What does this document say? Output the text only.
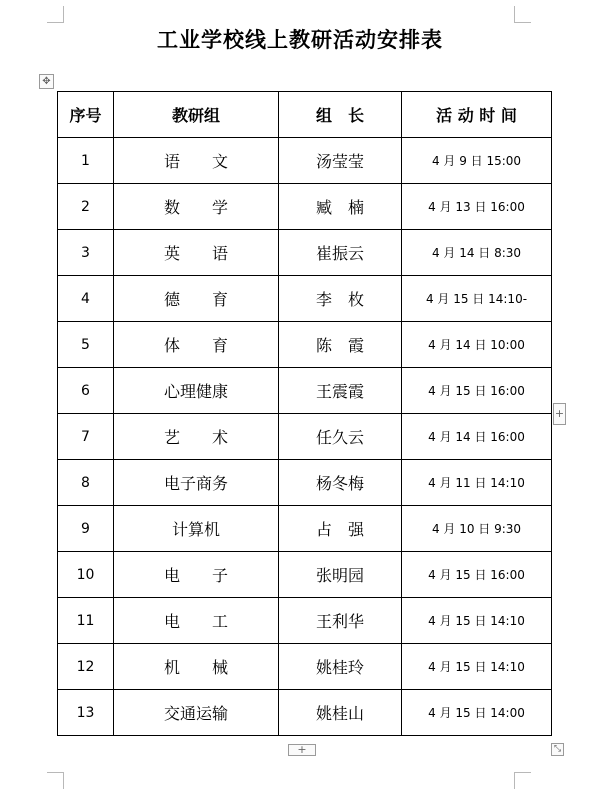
工业学校线上教研活动安排表
✥
序号	教研组	组　长	活 动 时 间
1	语　　文	汤莹莹	4 月 9 日 15:00
2	数　　学	臧　楠	4 月 13 日 16:00
3	英　　语	崔振云	4 月 14 日 8:30
4	德　　育	李　枚	4 月 15 日 14:10-
5	体　　育	陈　霞	4 月 14 日 10:00
6	心理健康	王震霞	4 月 15 日 16:00
7	艺　　术	任久云	4 月 14 日 16:00
8	电子商务	杨冬梅	4 月 11 日 14:10
9	计算机	占　强	4 月 10 日 9:30
10	电　　子	张明园	4 月 15 日 16:00
11	电　　工	王利华	4 月 15 日 14:10
12	机　　械	姚桂玲	4 月 15 日 14:10
13	交通运输	姚桂山	4 月 15 日 14:00
+
+	⤡
